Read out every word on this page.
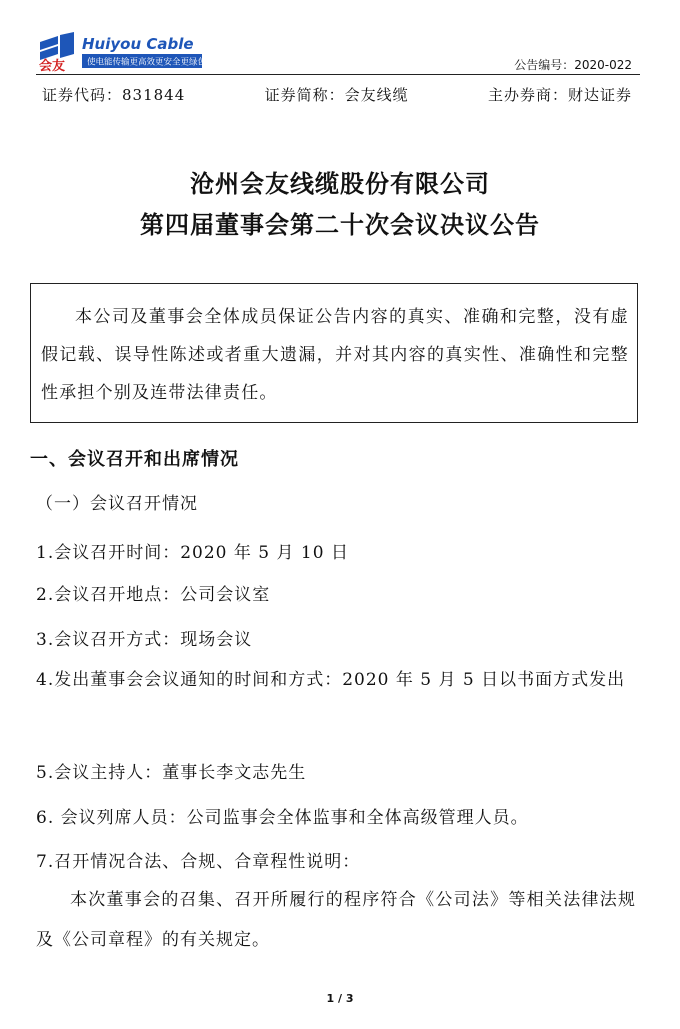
会友
Huiyou Cable
使电能传输更高效更安全更绿色	公告编号：2020-022
证券代码：831844	证券简称：会友线缆	主办券商：财达证券
沧州会友线缆股份有限公司
第四届董事会第二十次会议决议公告

本公司及董事会全体成员保证公告内容的真实、准确和完整，没有虚假记载、误导性陈述或者重大遗漏，并对其内容的真实性、准确性和完整性承担个别及连带法律责任。

一、会议召开和出席情况
（一）会议召开情况
1.会议召开时间：2020 年 5 月 10 日
2.会议召开地点：公司会议室
3.会议召开方式：现场会议

4.发出董事会会议通知的时间和方式：2020 年 5 月 5 日以书面方式发出

5.会议主持人：董事长李文志先生
6. 会议列席人员：公司监事会全体监事和全体高级管理人员。
7.召开情况合法、合规、合章程性说明：

本次董事会的召集、召开所履行的程序符合《公司法》等相关法律法规及《公司章程》的有关规定。

1 / 3
